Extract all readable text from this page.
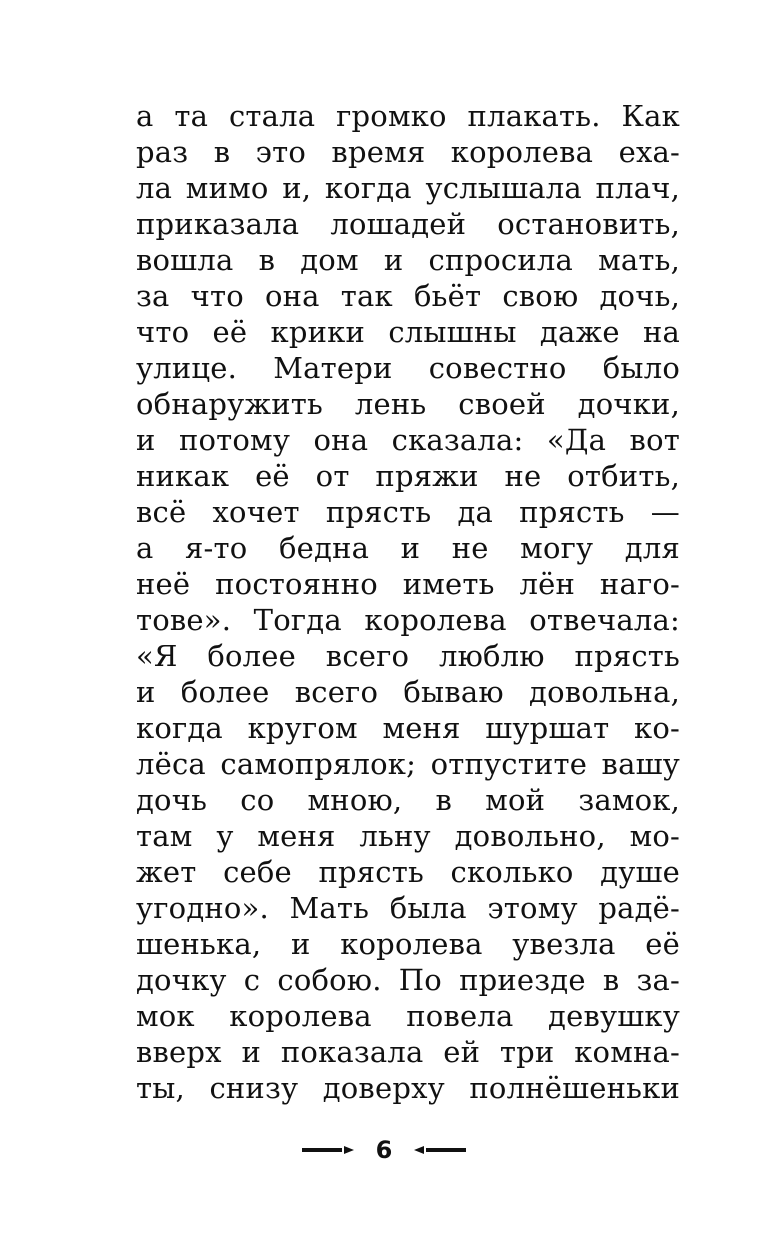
а та стала громко плакать. Как
раз в это время королева еха-
ла мимо и, когда услышала плач,
приказала лошадей остановить,
вошла в дом и спросила мать,
за что она так бьёт свою дочь,
что её крики слышны даже на
улице. Матери совестно было
обнаружить лень своей дочки,
и потому она сказала: «Да вот
никак её от пряжи не отбить,
всё хочет прясть да прясть —
а я-то бедна и не могу для
неё постоянно иметь лён наго-
тове». Тогда королева отвечала:
«Я более всего люблю прясть
и более всего бываю довольна,
когда кругом меня шуршат ко-
лёса самопрялок; отпустите вашу
дочь со мною, в мой замок,
там у меня льну довольно, мо-
жет себе прясть сколько душе
угодно». Мать была этому радё-
шенька, и королева увезла её
дочку с собою. По приезде в за-
мок королева повела девушку
вверх и показала ей три комна-
ты, снизу доверху полнёшеньки
6
